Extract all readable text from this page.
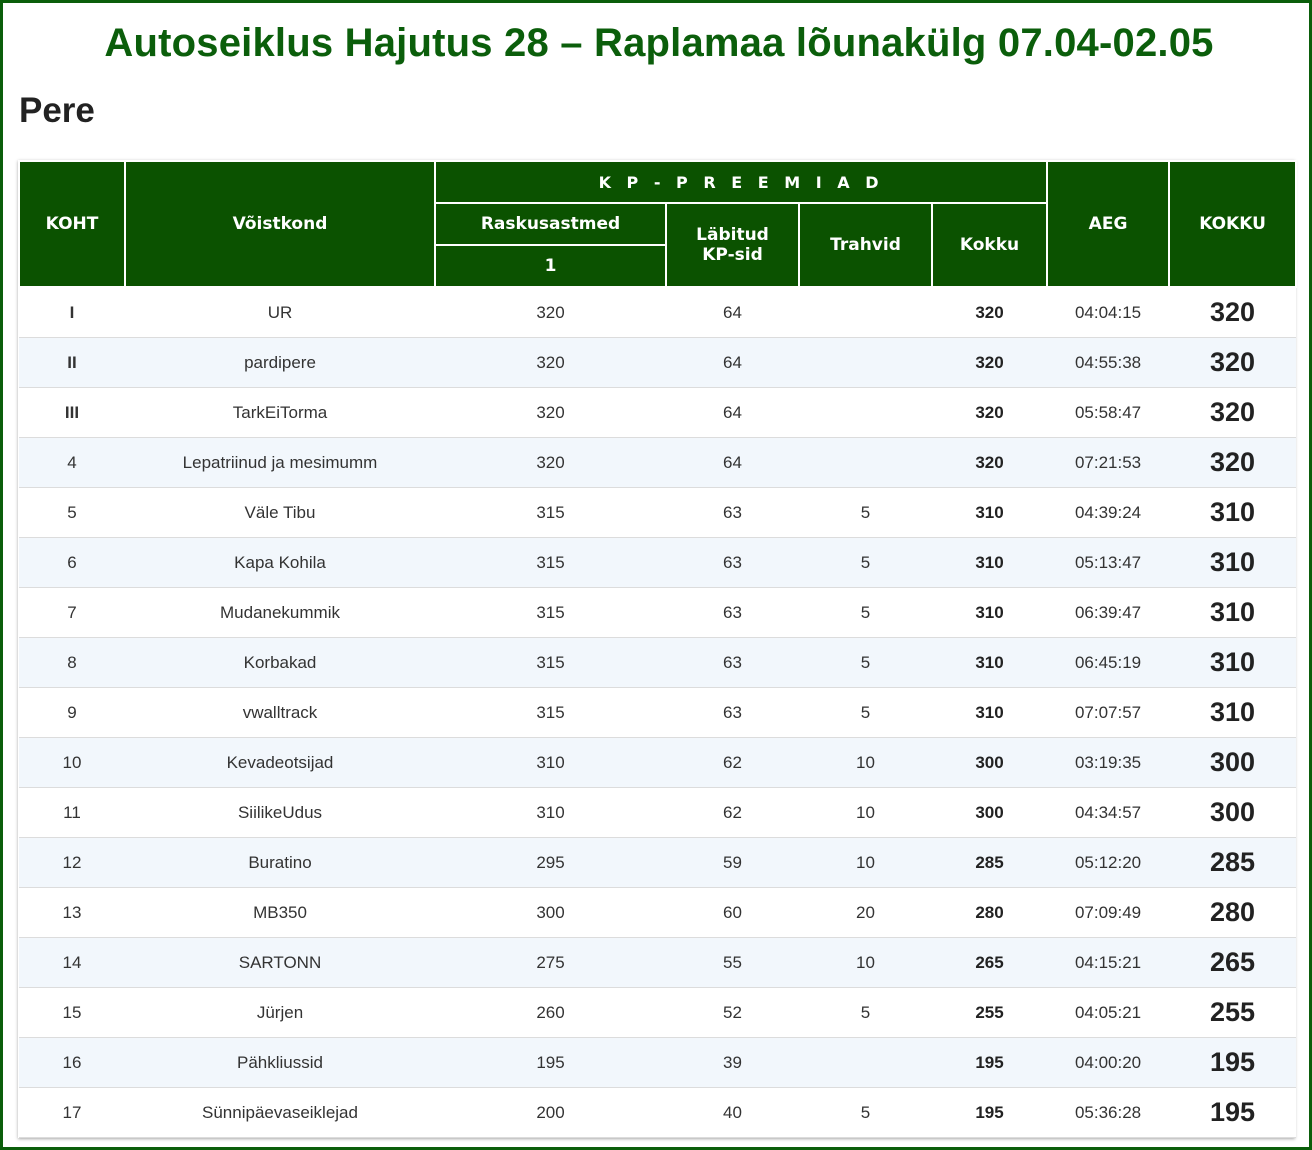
Autoseiklus Hajutus 28 – Raplamaa lõunakülg 07.04-02.05
Pere
KOHT	Võistkond	K P - P R E E M I A D				AEG	KOKKU
		Raskusastmed	Läbitud
KP-sid	Trahvid	Kokku		
		1					
I	UR	320	64		320	04:04:15	320
II	pardipere	320	64		320	04:55:38	320
III	TarkEiTorma	320	64		320	05:58:47	320
4	Lepatriinud ja mesimumm	320	64		320	07:21:53	320
5	Väle Tibu	315	63	5	310	04:39:24	310
6	Kapa Kohila	315	63	5	310	05:13:47	310
7	Mudanekummik	315	63	5	310	06:39:47	310
8	Korbakad	315	63	5	310	06:45:19	310
9	vwalltrack	315	63	5	310	07:07:57	310
10	Kevadeotsijad	310	62	10	300	03:19:35	300
11	SiilikeUdus	310	62	10	300	04:34:57	300
12	Buratino	295	59	10	285	05:12:20	285
13	MB350	300	60	20	280	07:09:49	280
14	SARTONN	275	55	10	265	04:15:21	265
15	Jürjen	260	52	5	255	04:05:21	255
16	Pähkliussid	195	39		195	04:00:20	195
17	Sünnipäevaseiklejad	200	40	5	195	05:36:28	195
